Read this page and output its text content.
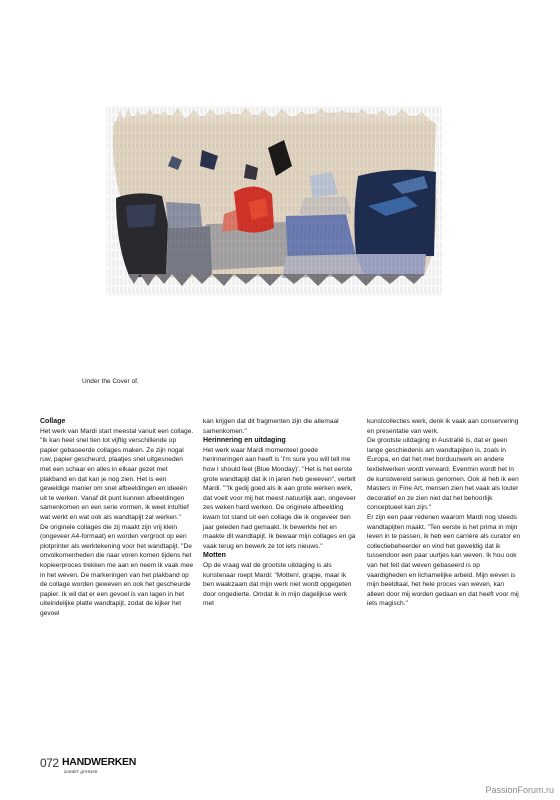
Under the Cover of.
Collage

Het werk van Mardi start meestal vanuit een collage. "Ik kan heel snel tien tot vijftig verschillende op papier gebaseerde collages maken. Ze zijn nogal ruw, papier gescheurd, plaatjes snel uitgesneden met een schaar en alles in elkaar gezet met plakband en dat kan je nog zien. Het is een geweldige manier om snel afbeeldingen en ideeën uit te werken. Vanaf dit punt kunnen afbeeldingen samenkomen en een serie vormen, ik weet intuïtief wat werkt en wat ook als wandtapijt zal werken."

De originele collages die zij maakt zijn vrij klein (ongeveer A4-formaat) en worden vergroot op een plotprinter als werktekening voor het wandtapijt. "De onvolkomenheden die naar voren komen tijdens het kopieerproces trekken me aan en neem ik vaak mee in het weven. De markeringen van het plakband op de collage worden geweven en ook het gescheurde papier. Ik wil dat er een gevoel is van lagen in het uiteindelijke platte wandtapijt, zodat de kijker het gevoel

kan krijgen dat dit fragmenten zijn die allemaal samenkomen."

Herinnering en uitdaging

Het werk waar Mardi momenteel goede herinneringen aan heeft is 'I'm sure you will tell me how I should feel (Blue Monday)'. "Het is het eerste grote wandtapijt dat ik in jaren heb geweven", vertelt Mardi. ""Ik gedij goed als ik aan grote werken werk, dat voelt voor mij het meest natuurlijk aan, ongeveer zes weken hard werken. De originele afbeelding kwam tot stand uit een collage die ik ongeveer tien jaar geleden had gemaakt. Ik bewerkte het en maakte dit wandtapijt. Ik bewaar mijn collages en ga vaak terug en bewerk ze tot iets nieuws."

Motten

Op de vraag wat de grootste uitdaging is als kunstenaar roept Mardi: "Motten!, grapje, maar ik ben waakzaam dat mijn werk niet wordt opgegeten door ongedierte. Omdat ik in mijn dagelijkse werk met

kunstcollecties werk, denk ik vaak aan conservering en presentatie van werk.

De grootste uitdaging in Australië is, dat er geen lange geschiedenis am wandtapijten is, zoals in Europa, en dat het met borduurwerk en andere textielwerken wordt verward. Evenmin wordt het in de kunstwereld serieus genomen. Ook al heb ik een Masters in Fine Art, mensen zien het vaak als louter decoratief en ze zien niet dat het behoorlijk conceptueel kan zijn."

Er zijn een paar redenen waarom Mardi nog steeds wandtapijten maakt. "Ten eerste is het prima in mijn leven in te passen, ik heb een carrière als curator en collectiebeheerder en vind het geweldig dat ik tussendoor een paar uurtjes kan weven. Ik hou ook van het feit dat weven gebaseerd is op vaardigheden en lichamelijke arbeid. Mijn weven is mijn beeldtaal, het hele proces van weven, kan alleen door mij worden gedaan en dat heeft voor mij iets magisch."

072 HANDWERKEN
zonder grenzen
PassionForum.ru
